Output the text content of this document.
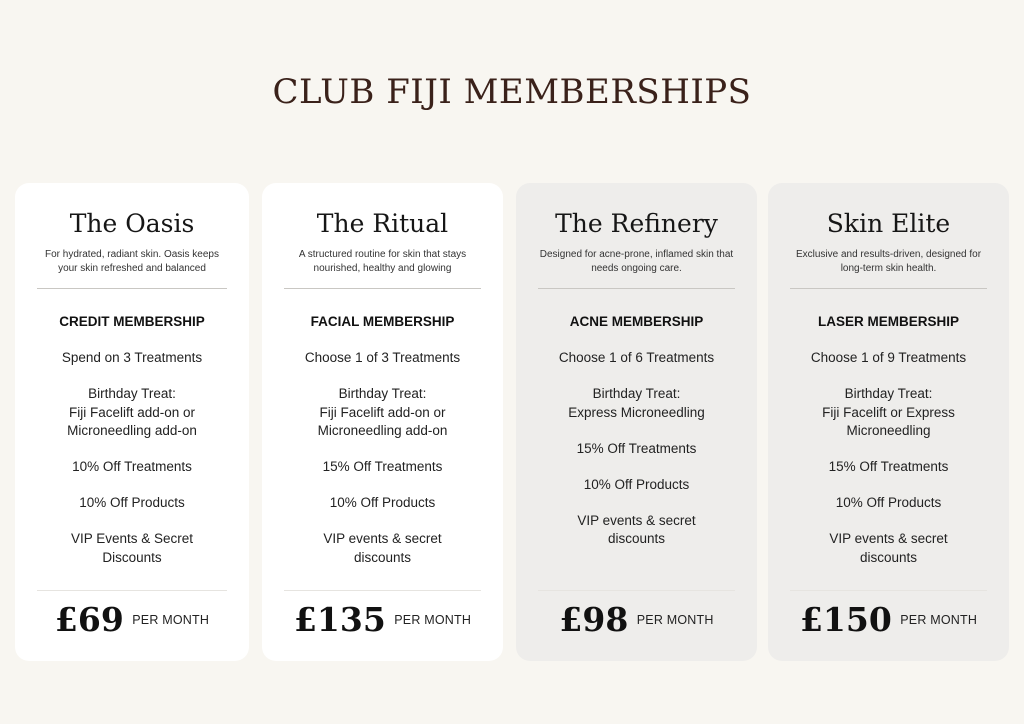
CLUB FIJI MEMBERSHIPS
The Oasis
For hydrated, radiant skin. Oasis keeps your skin refreshed and balanced
CREDIT MEMBERSHIP
Spend on 3 Treatments
Birthday Treat:
Fiji Facelift add-on or
Microneedling add-on
10% Off Treatments
10% Off Products
VIP Events & Secret
Discounts
£69 PER MONTH
The Ritual
A structured routine for skin that stays nourished, healthy and glowing
FACIAL MEMBERSHIP
Choose 1 of 3 Treatments
Birthday Treat:
Fiji Facelift add-on or
Microneedling add-on
15% Off Treatments
10% Off Products
VIP events & secret
discounts
£135 PER MONTH
The Refinery
Designed for acne-prone, inflamed skin that needs ongoing care.
ACNE MEMBERSHIP
Choose 1 of 6 Treatments
Birthday Treat:
Express Microneedling
15% Off Treatments
10% Off Products
VIP events & secret
discounts
£98 PER MONTH
Skin Elite
Exclusive and results-driven, designed for long-term skin health.
LASER MEMBERSHIP
Choose 1 of 9 Treatments
Birthday Treat:
Fiji Facelift or Express
Microneedling
15% Off Treatments
10% Off Products
VIP events & secret
discounts
£150 PER MONTH
